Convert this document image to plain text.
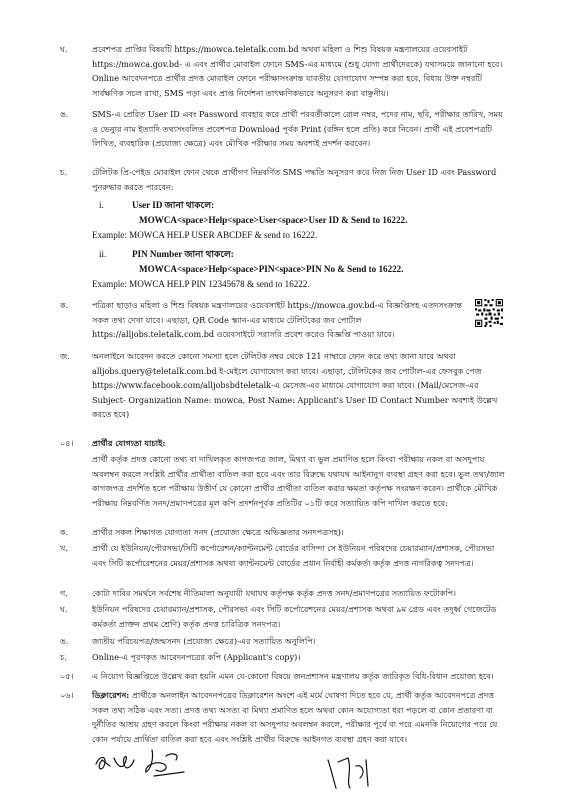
ঘ.	প্রবেশপত্র প্রাপ্তির বিষয়টি https://mowca.teletalk.com.bd অথবা মহিলা ও শিশু বিষয়ক মন্ত্রণালয়ের ওয়েবসাইট https://mowca.gov.bd- এ এবং প্রার্থীর মোবাইল ফোনে SMS-এর মাধ্যমে (শুধু যোগ্য প্রার্থীদেরকে) যথাসময়ে জানানো হবে। Online আবেদনপত্রে প্রার্থীর প্রদত্ত মোবাইল ফোনে পরীক্ষাসংক্রান্ত যাবতীয় যোগাযোগ সম্পন্ন করা হবে, বিধায় উক্ত নম্বরটি সার্বক্ষণিক সচল রাখা, SMS পড়া এবং প্রাপ্ত নির্দেশনা তাৎক্ষণিকভাবে অনুসরণ করা বাঞ্ছনীয়।
ঙ.	SMS-এ প্রেরিত User ID এবং Password ব্যবহার করে প্রার্থী পরবর্তীকালে রোল নম্বর, পদের নাম, ছবি, পরীক্ষার তারিখ, সময় ও ভেন্যুর নাম ইত্যাদি তথ্যসংবলিত প্রবেশপত্র Download পূর্বক Print (রঙ্গিন হলে প্রতি) করে নিবেন। প্রার্থী এই প্রবেশপত্রটি লিখিত, ব্যবহারিক (প্রযোজ্য ক্ষেত্রে) এবং মৌখিক পরীক্ষার সময় অবশ্যই প্রদর্শন করবেন।
চ.	টেলিটক প্রি-পেইড মোবাইল ফোন থেকে প্রার্থীগণ নিম্নবর্ণিত SMS পদ্ধতি অনুসরণ করে নিজ নিজ User ID এবং Password পুনরুদ্ধার করতে পারবেন:
i.	User ID জানা থাকলে:
MOWCA<space>Help<space>User<space>User ID & Send to 16222.
Example: MOWCA HELP USER ABCDEF & send to 16222.
ii.	PIN Number জানা থাকলে:
MOWCA<space>Help<space>PIN<space>PIN No & Send to 16222.
Example: MOWCA HELP PIN 12345678 & send to 16222.
ক.	পত্রিকা ছাড়াও মহিলা ও শিশু বিষয়ক মন্ত্রণালয়ের ওয়েবসাইট https://mowca.gov.bd-এ বিজ্ঞপ্তিসহ এতদসংক্রান্ত সকল তথ্য দেখা যাবে। এছাড়া, QR Code স্ক্যান-এর মাধ্যমে টেলিটকের জব পোর্টাল https://alljobs.teletalk.com.bd ওয়েবসাইটে সরাসরি প্রবেশ করেও বিজ্ঞপ্তি পাওয়া যাবে।
জ.	অনলাইনে আবেদন করতে কোনো সমস্যা হলে টেলিটক নম্বর থেকে 121 নাম্বারে ফোন করে তথ্য জানা যাবে অথবা alljobs.query@teletalk.com.bd ই-মেইলে যোগাযোগ করা যাবে। এছাড়া, টেলিটকের জব পোর্টাল-এর ফেসবুক পেজ https://www.facebook.com/alljobsbdteletalk-এ মেসেজ-এর মাধ্যমে যোগাযোগ করা যাবে। (Mail/মেসেজ-এর Subject- Organization Name: mowca, Post Name: Applicant's User ID Contact Number অবশ্যই উল্লেখ করতে হবে)
০৪। প্রার্থীর যোগ্যতা যাচাই:
প্রার্থী কর্তৃক প্রদত্ত কোনো তথ্য বা দাখিলকৃত কাগজপত্র জাল, মিথ্যা বা ভুল প্রমাণিত হলে কিংবা পরীক্ষায় নকল বা অসদুপায় অবলম্বন করলে সংশ্লিষ্ট প্রার্থীর প্রার্থীতা বাতিল করা হবে এবং তার বিরুদ্ধে যথাযথ আইনানুগ ব্যবস্থা গ্রহণ করা হবে। ভুল তথ্য/জাল কাগজপত্র প্রদর্শিত হলে পরীক্ষায় উত্তীর্ণ যে কোনো প্রার্থীর প্রার্থীতা বাতিল করার ক্ষমতা কর্তৃপক্ষ সংরক্ষণ করেন। প্রার্থীকে মৌখিক পরীক্ষায় নিম্নবর্ণিত সনদ/প্রমাণপত্রের মূল কপি প্রদর্শনপূর্বক প্রতিটির ০১টি করে সত্যায়িত কপি দাখিল করতে হবে:
ক.	প্রার্থীর সকল শিক্ষাগত যোগ্যতা সনদ (প্রযোজ্য ক্ষেত্রে অভিজ্ঞতার সনদপত্রসহ)।
খ.	প্রার্থী যে ইউনিয়ন/পৌরসভা/সিটি কর্পোরেশন/ক্যান্টনমেন্ট বোর্ডের বাসিন্দা সে ইউনিয়ন পরিষদের চেয়ারম্যান/প্রশাসক, পৌরসভা এবং সিটি কর্পোরেশনের মেয়র/প্রশাসক অথবা ক্যান্টনমেন্ট বোর্ডের প্রধান নির্বাহী কর্মকর্তা কর্তৃক প্রদত্ত নাগরিকত্ব সনদপত্র।
গ.	কোটা দাবির সমর্থনে সর্বশেষ নীতিমালা অনুযায়ী যথাযথ কর্তৃপক্ষ কর্তৃক প্রদত্ত সনদ/প্রমাণপত্রের সত্যায়িত ফটোকপি।
ঘ.	ইউনিয়ন পরিষদের চেয়ারম্যান/প্রশাসক, পৌরসভা এবং সিটি কর্পোরেশনের মেয়র/প্রশাসক অথবা ৯ম গ্রেড এবং তদূর্ধ্ব গেজেটেড কর্মকর্তা প্রাক্তন প্রথম শ্রেণি) কর্তৃক প্রদত্ত চারিত্রিক সনদপত্র।
ঙ.	জাতীয় পরিচয়পত্র/জন্মসনদ (প্রযোজ্য ক্ষেত্রে)-এর সত্যায়িত অনুলিপি।
চ.	Online-এ পূরণকৃত আবেদনপত্রের কপি (Applicant's copy)।
০৫। এ নিয়োগ বিজ্ঞপ্তিতে উল্লেখ করা হয়নি এমন যে-কোনো বিষয়ে জনপ্রশাসন মন্ত্রণালয় কর্তৃক জারিকৃত বিধি-বিধান প্রযোজ্য হবে।
০৬। ডিক্লারেশন: প্রার্থীকে অনলাইন আবেদনপত্রের ডিক্লারেশন অংশে এই মর্মে ঘোষণা দিতে হবে যে, প্রার্থী কর্তৃক আবেদনপত্রে প্রদত্ত সকল তথ্য সঠিক এবং সত্য। প্রদত্ত তথ্য অসত্য বা মিথ্যা প্রমাণিত হলে অথবা কোন অযোগ্যতা ধরা পড়লে বা কোন প্রতারণা বা দুর্নীতির আশ্রয় গ্রহণ করলে কিংবা পরীক্ষায় নকল বা অসদুপায় অবলম্বন করলে, পরীক্ষার পূর্বে বা পরে এমনকি নিয়োগের পরে যে কোন পর্যায়ে প্রার্থিতা বাতিল করা হবে এবং সংশ্লিষ্ট প্রার্থীর বিরুদ্ধে আইনগত ব্যবস্থা গ্রহণ করা যাবে।
